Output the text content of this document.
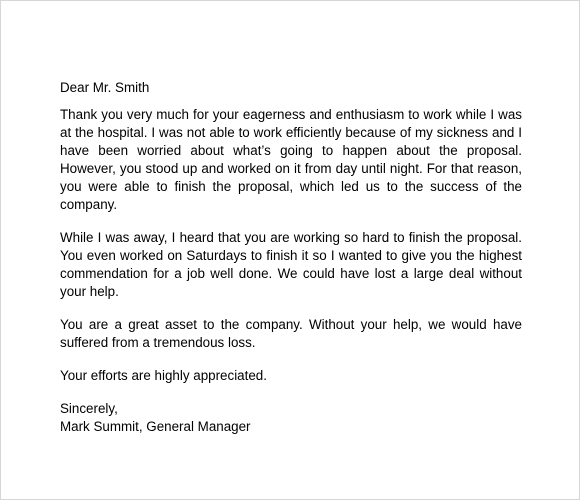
Dear Mr. Smith

Thank you very much for your eagerness and enthusiasm to work while I was at the hospital. I was not able to work efficiently because of my sickness and I have been worried about what’s going to happen about the proposal. However, you stood up and worked on it from day until night. For that reason, you were able to finish the proposal, which led us to the success of the company.

While I was away, I heard that you are working so hard to finish the proposal. You even worked on Saturdays to finish it so I wanted to give you the highest commendation for a job well done. We could have lost a large deal without your help.

You are a great asset to the company. Without your help, we would have suffered from a tremendous loss.

Your efforts are highly appreciated.

Sincerely,
Mark Summit, General Manager
